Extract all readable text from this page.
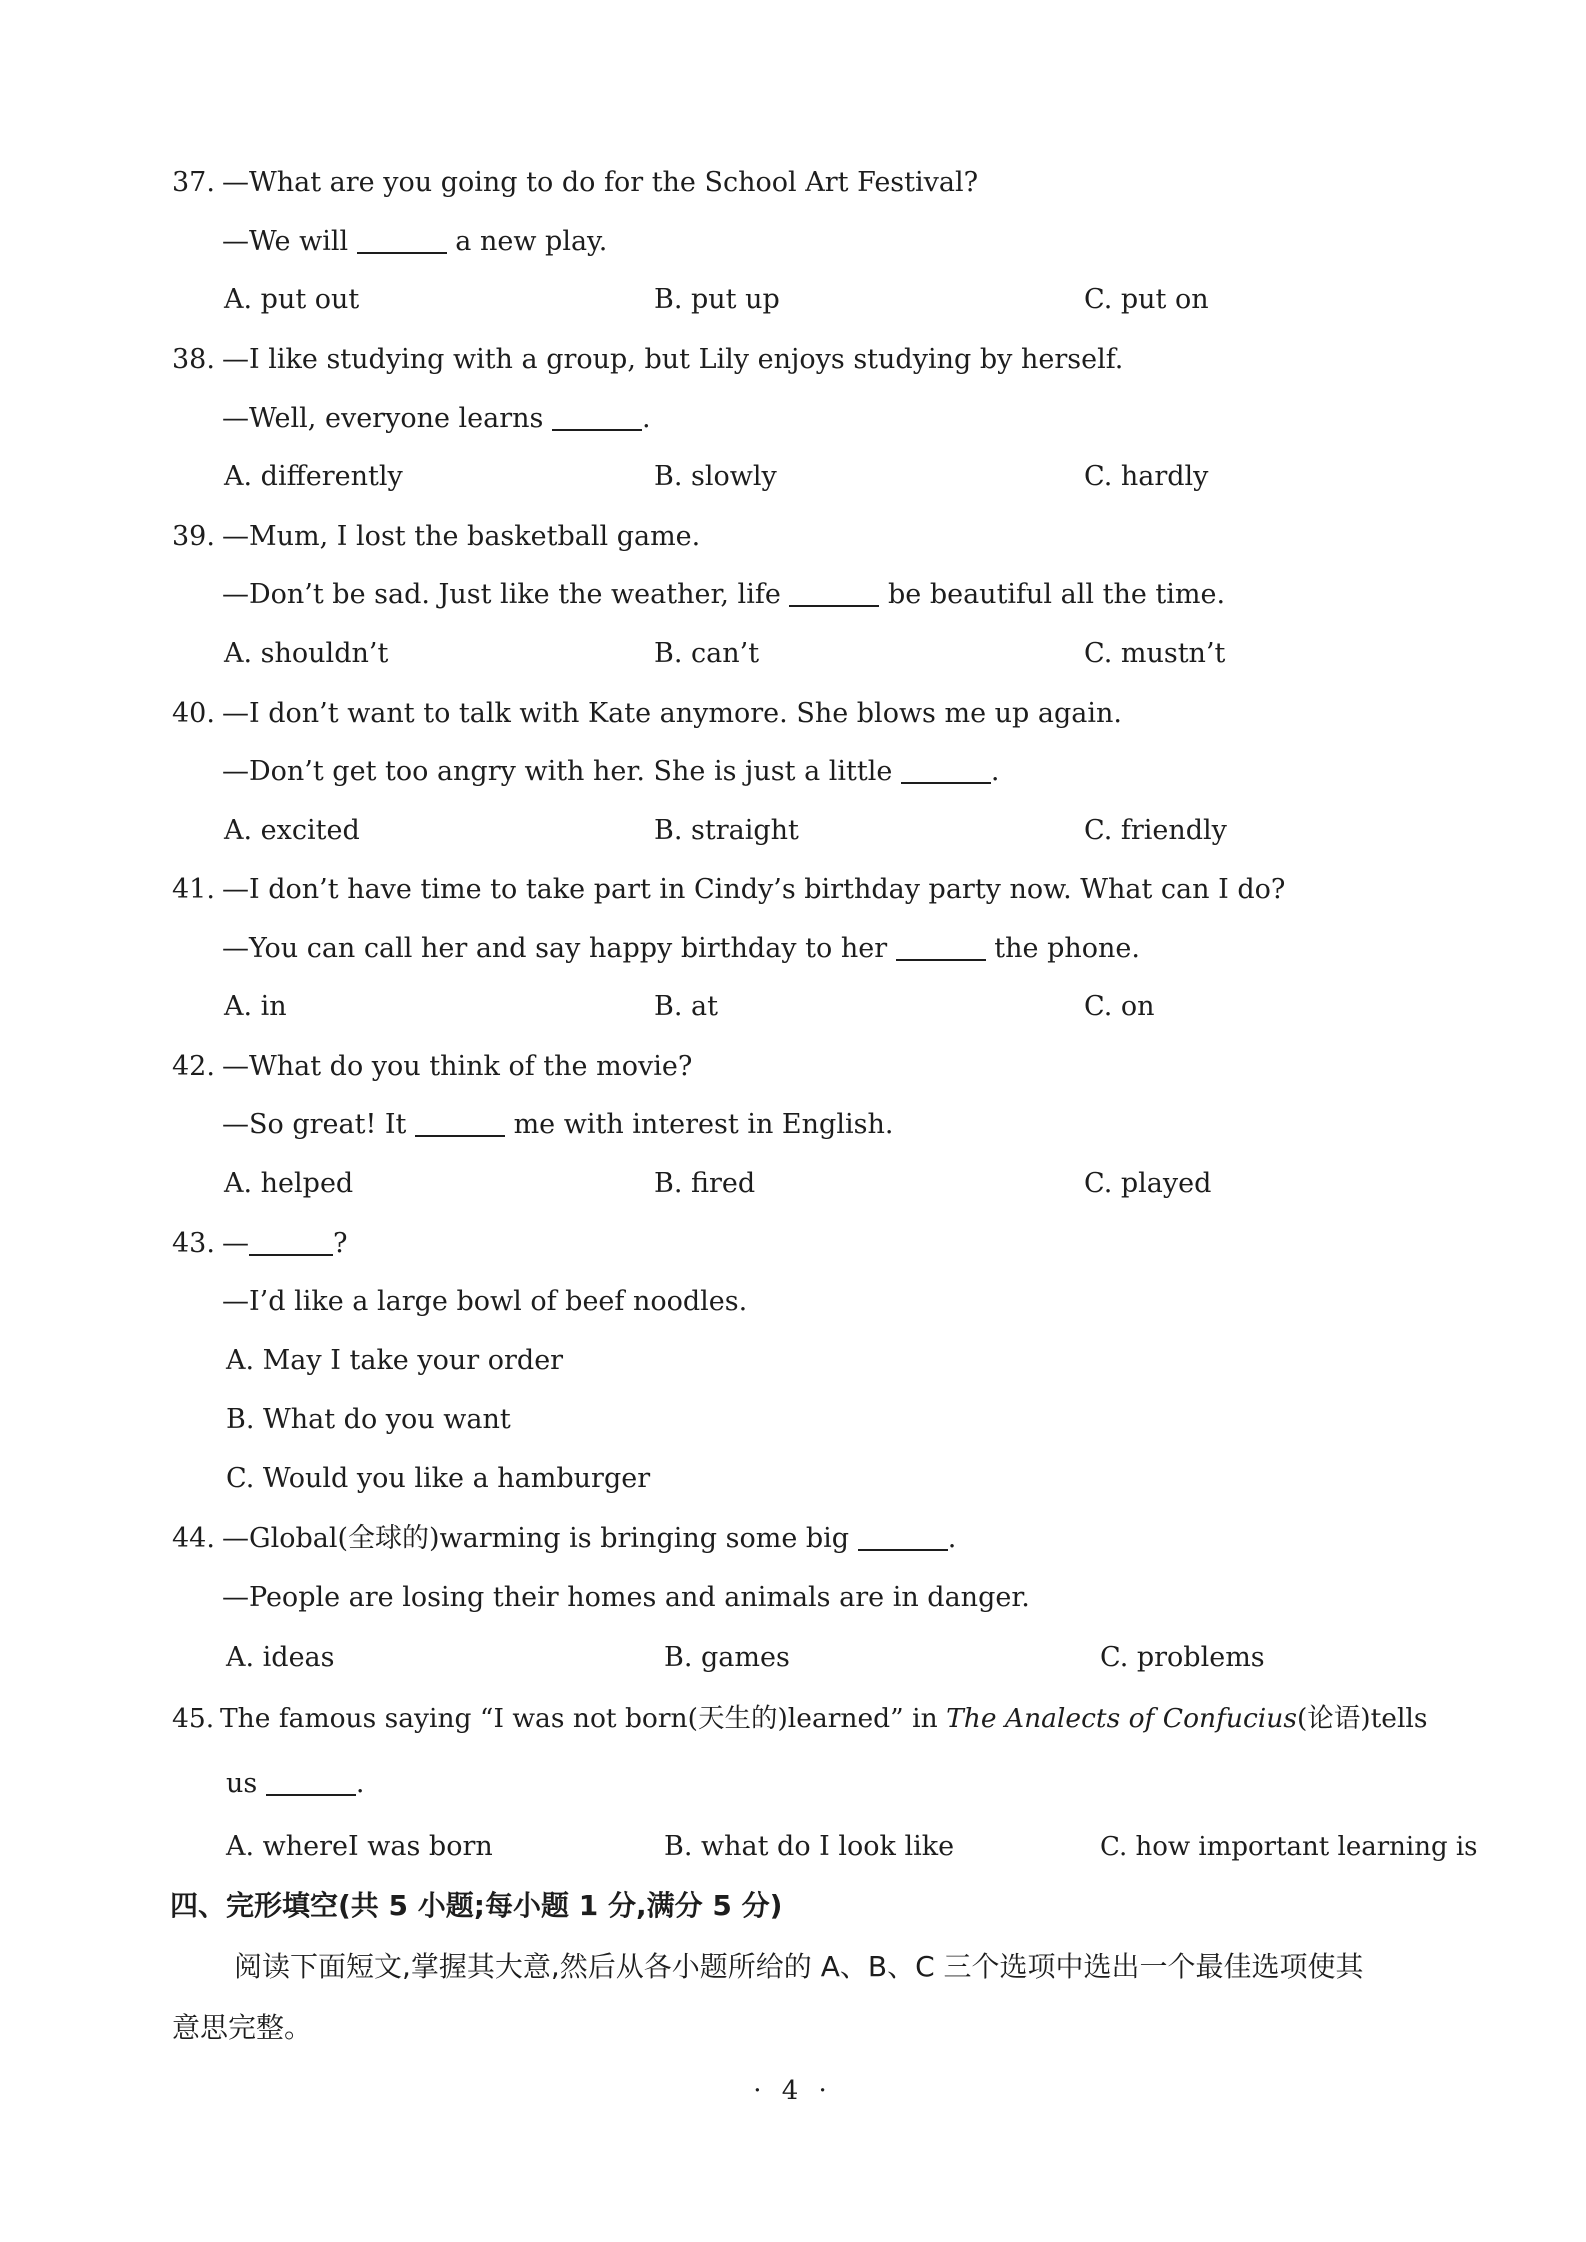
37. —What are you going to do for the School Art Festival?
—We will	a new play.
A. put out	B. put up	C. put on
38. —I like studying with a group, but Lily enjoys studying by herself.
—Well, everyone learns	.
A. differently	B. slowly	C. hardly
39. —Mum, I lost the basketball game.
—Don’t be sad. Just like the weather, life	be beautiful all the time.
A. shouldn’t	B. can’t	C. mustn’t
40. —I don’t want to talk with Kate anymore. She blows me up again.
—Don’t get too angry with her. She is just a little	.
A. excited	B. straight	C. friendly
41. —I don’t have time to take part in Cindy’s birthday party now. What can I do?
—You can call her and say happy birthday to her	the phone.
A. in	B. at	C. on
42. —What do you think of the movie?
—So great! It	me with interest in English.
A. helped	B. fired	C. played
43. —	?
—I’d like a large bowl of beef noodles.
A. May I take your order
B. What do you want
C. Would you like a hamburger
44. —Global(全球的)warming is bringing some big	.
—People are losing their homes and animals are in danger.
A. ideas	B. games	C. problems
45. The famous saying “I was not born(天生的)learned” in The Analects of Confucius(论语)tells
us	.
A. whereI was born	B. what do I look like	C. how important learning is
四、完形填空(共 5 小题;每小题 1 分,满分 5 分)
阅读下面短文,掌握其大意,然后从各小题所给的 A、B、C 三个选项中选出一个最佳选项使其
意思完整。
· 4 ·
